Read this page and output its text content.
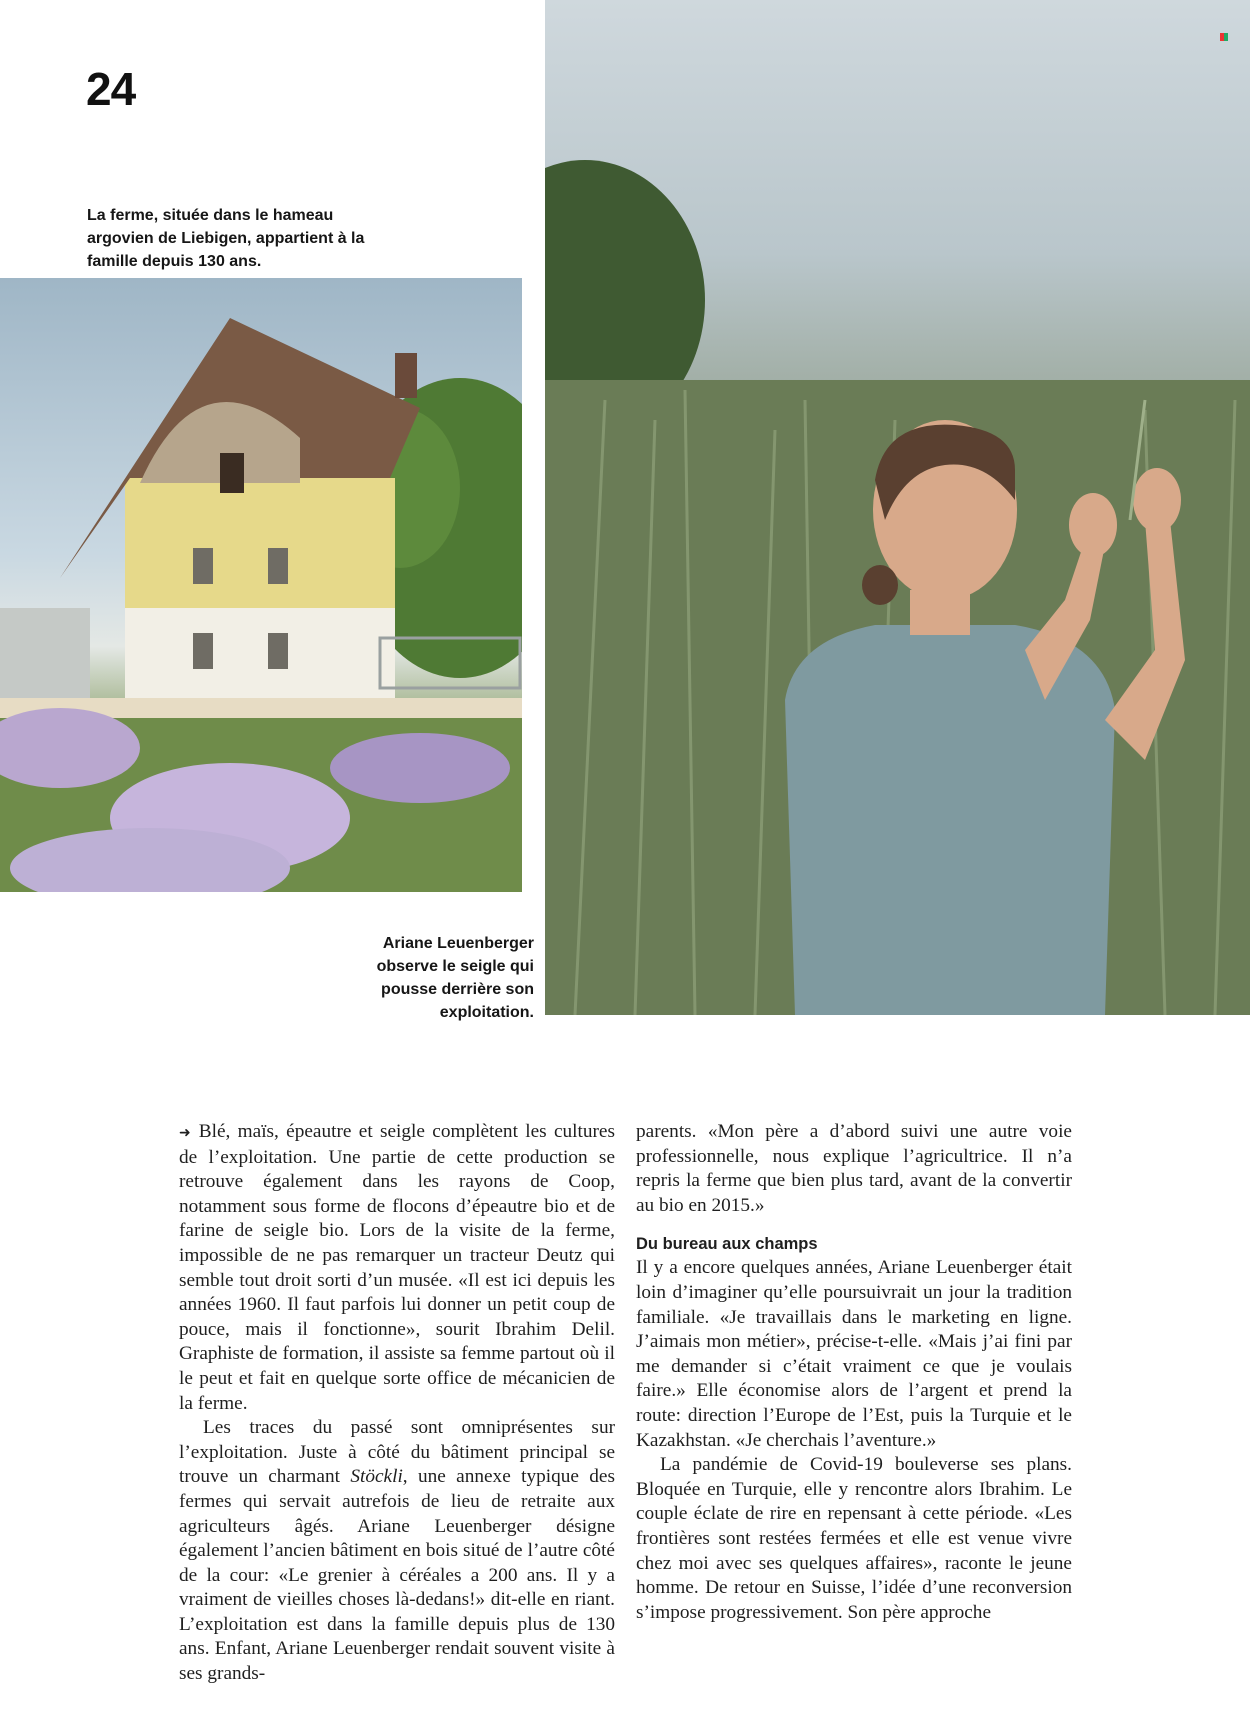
24
La ferme, située dans le hameau argovien de Liebigen, appartient à la famille depuis 130 ans.
Ariane Leuenberger observe le seigle qui pousse derrière son exploitation.

➜ Blé, maïs, épeautre et seigle complètent les cultures de l’exploitation. Une partie de cette production se retrouve également dans les rayons de Coop, notamment sous forme de flocons d’épeautre bio et de farine de seigle bio. Lors de la visite de la ferme, impossible de ne pas remarquer un tracteur Deutz qui semble tout droit sorti d’un musée. «Il est ici depuis les années 1960. Il faut parfois lui donner un petit coup de pouce, mais il fonctionne», sourit Ibrahim Delil. Graphiste de formation, il assiste sa femme partout où il le peut et fait en quelque sorte office de mécanicien de la ferme.

Les traces du passé sont omniprésentes sur l’exploitation. Juste à côté du bâtiment principal se trouve un charmant Stöckli, une annexe typique des fermes qui servait autrefois de lieu de retraite aux agriculteurs âgés. Ariane Leuenberger désigne également l’ancien bâtiment en bois situé de l’autre côté de la cour: «Le grenier à céréales a 200 ans. Il y a vraiment de vieilles choses là-dedans!» dit-elle en riant. L’exploitation est dans la famille depuis plus de 130 ans. Enfant, Ariane Leuenberger rendait souvent visite à ses grands-

parents. «Mon père a d’abord suivi une autre voie professionnelle, nous explique l’agricultrice. Il n’a repris la ferme que bien plus tard, avant de la convertir au bio en 2015.»

Du bureau aux champs

Il y a encore quelques années, Ariane Leuenberger était loin d’imaginer qu’elle poursuivrait un jour la tradition familiale. «Je travaillais dans le marketing en ligne. J’aimais mon métier», précise-t-elle. «Mais j’ai fini par me demander si c’était vraiment ce que je voulais faire.» Elle économise alors de l’argent et prend la route: direction l’Europe de l’Est, puis la Turquie et le Kazakhstan. «Je cherchais l’aventure.»

La pandémie de Covid-19 bouleverse ses plans. Bloquée en Turquie, elle y rencontre alors Ibrahim. Le couple éclate de rire en repensant à cette période. «Les frontières sont restées fermées et elle est venue vivre chez moi avec ses quelques affaires», raconte le jeune homme. De retour en Suisse, l’idée d’une reconversion s’impose progressivement. Son père approche
